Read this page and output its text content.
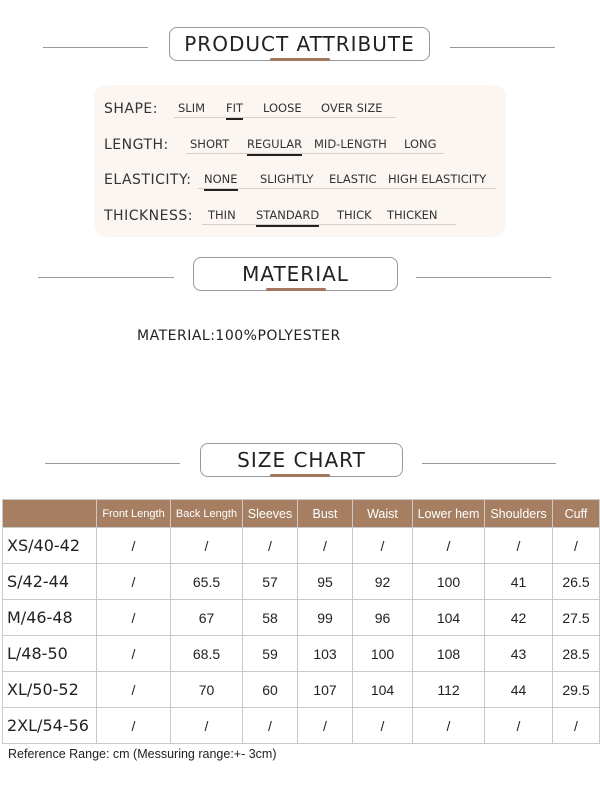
PRODUCT ATTRIBUTE
SHAPE: SLIM FIT LOOSE OVER SIZE
LENGTH: SHORT REGULAR MID-LENGTH LONG
ELASTICITY: NONE SLIGHTLY ELASTIC HIGH ELASTICITY
THICKNESS: THIN STANDARD THICK THICKEN
MATERIAL
MATERIAL:100%POLYESTER
SIZE CHART
	Front Length	Back Length	Sleeves	Bust	Waist	Lower hem	Shoulders	Cuff
XS/40-42	/	/	/	/	/	/	/	/
S/42-44	/	65.5	57	95	92	100	41	26.5
M/46-48	/	67	58	99	96	104	42	27.5
L/48-50	/	68.5	59	103	100	108	43	28.5
XL/50-52	/	70	60	107	104	112	44	29.5
2XL/54-56	/	/	/	/	/	/	/	/
Reference Range: cm (Messuring range:+- 3cm)
